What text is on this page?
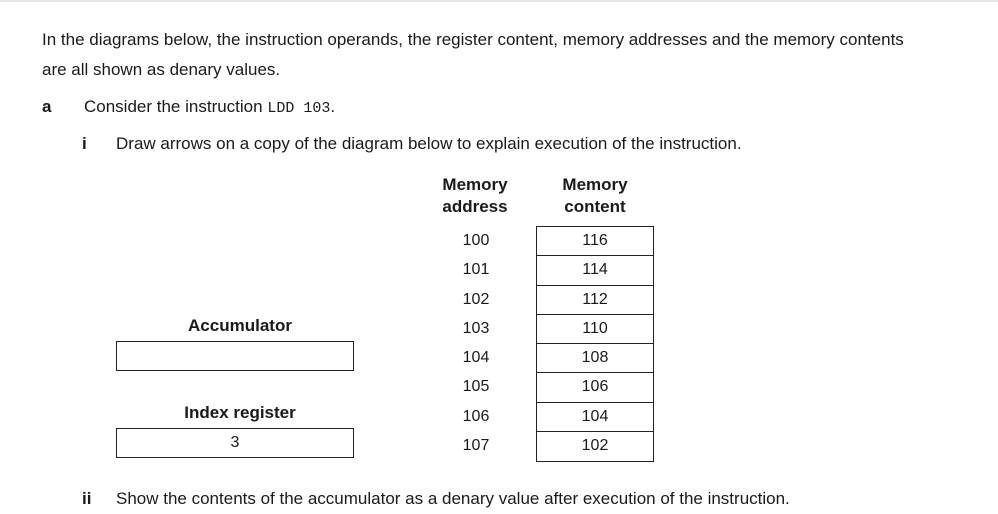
In the diagrams below, the instruction operands, the register content, memory addresses and the memory contents
are all shown as denary values.
a Consider the instruction LDD 103.
i Draw arrows on a copy of the diagram below to explain execution of the instruction.
Memory
address
Memory
content
100
101
102
103
104
105
106
107
116
114
112
110
108
106
104
102
Accumulator
Index register
3
ii Show the contents of the accumulator as a denary value after execution of the instruction.
